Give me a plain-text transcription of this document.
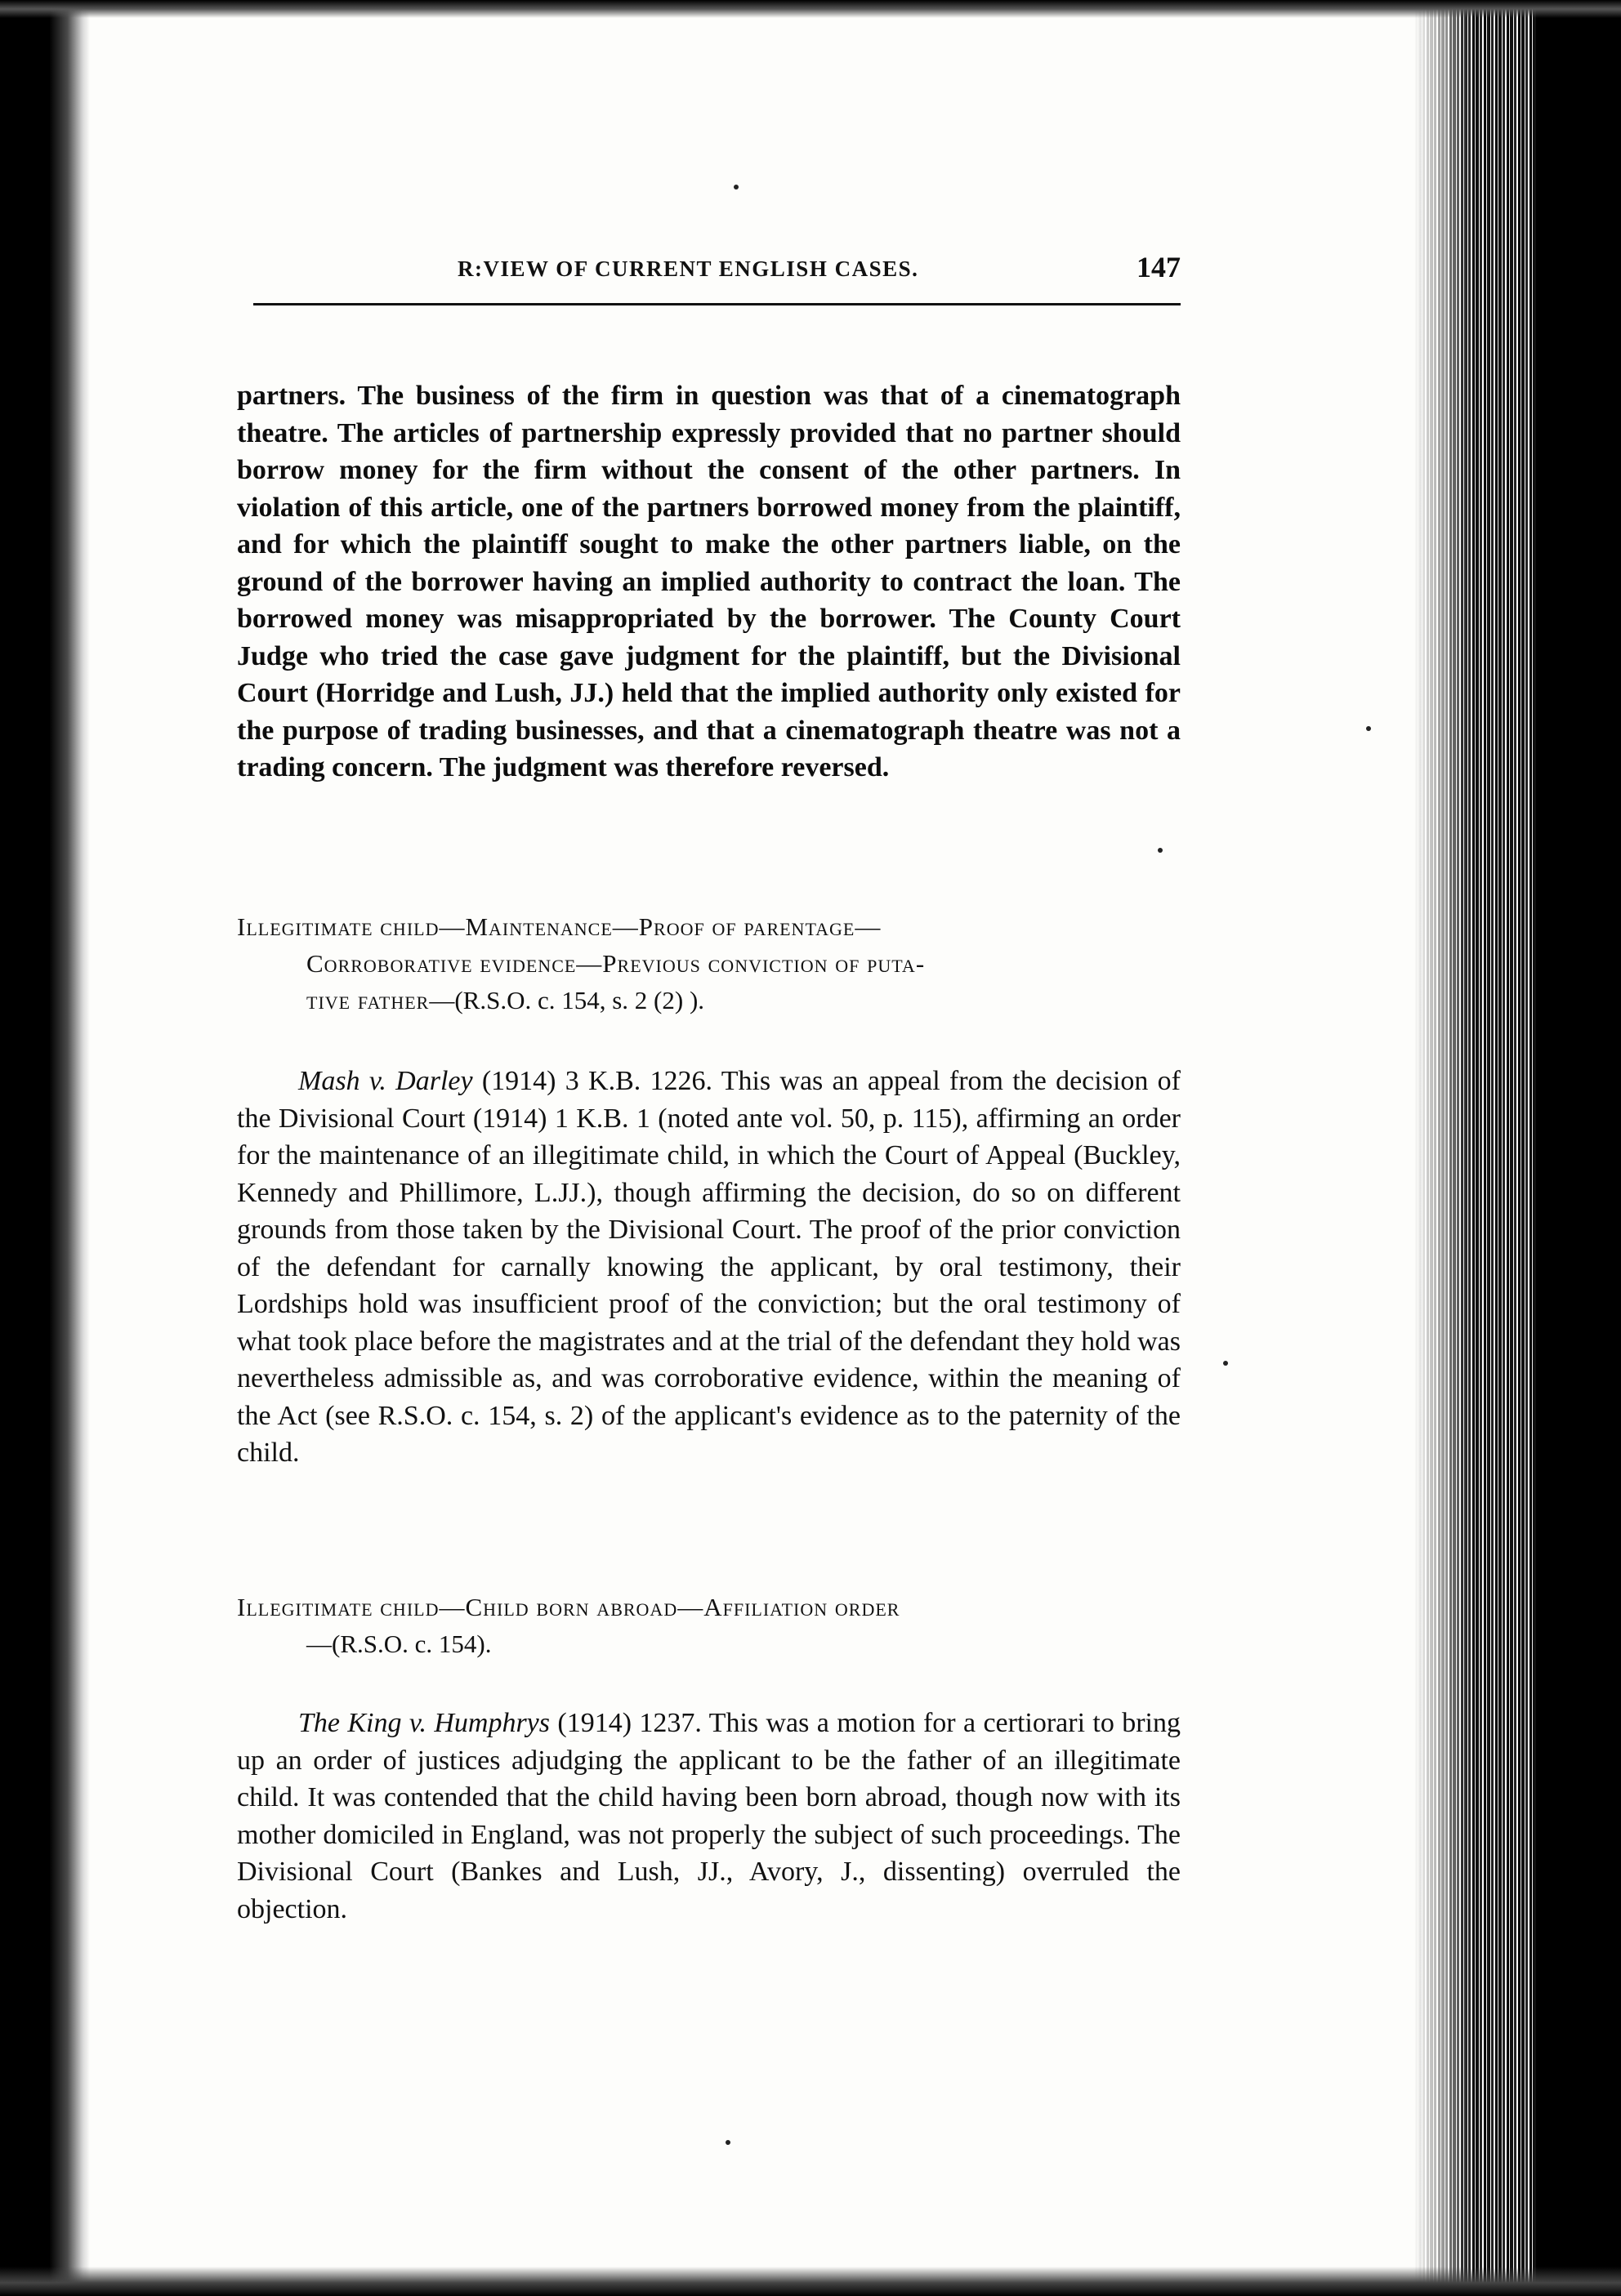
R:VIEW OF CURRENT ENGLISH CASES.	147

partners. The business of the firm in question was that of a cinematograph theatre. The articles of partnership expressly provided that no partner should borrow money for the firm without the consent of the other partners. In violation of this article, one of the partners borrowed money from the plaintiff, and for which the plaintiff sought to make the other partners liable, on the ground of the borrower having an implied authority to contract the loan. The borrowed money was misappropriated by the borrower. The County Court Judge who tried the case gave judgment for the plaintiff, but the Divisional Court (Horridge and Lush, JJ.) held that the implied authority only existed for the purpose of trading businesses, and that a cinematograph theatre was not a trading concern. The judgment was therefore reversed.

Illegitimate child—Maintenance—Proof of parentage—
Corroborative evidence—Previous conviction of puta-
tive father—(R.S.O. c. 154, s. 2 (2) ).

Mash v. Darley (1914) 3 K.B. 1226. This was an appeal from the decision of the Divisional Court (1914) 1 K.B. 1 (noted ante vol. 50, p. 115), affirming an order for the maintenance of an illegitimate child, in which the Court of Appeal (Buckley, Kennedy and Phillimore, L.JJ.), though affirming the decision, do so on different grounds from those taken by the Divisional Court. The proof of the prior conviction of the defendant for carnally knowing the applicant, by oral testimony, their Lordships hold was insufficient proof of the conviction; but the oral testimony of what took place before the magistrates and at the trial of the defendant they hold was nevertheless admissible as, and was corroborative evidence, within the meaning of the Act (see R.S.O. c. 154, s. 2) of the applicant's evidence as to the paternity of the child.

Illegitimate child—Child born abroad—Affiliation order
—(R.S.O. c. 154).

The King v. Humphrys (1914) 1237. This was a motion for a certiorari to bring up an order of justices adjudging the applicant to be the father of an illegitimate child. It was contended that the child having been born abroad, though now with its mother domiciled in England, was not properly the subject of such proceedings. The Divisional Court (Bankes and Lush, JJ., Avory, J., dissenting) overruled the objection.
